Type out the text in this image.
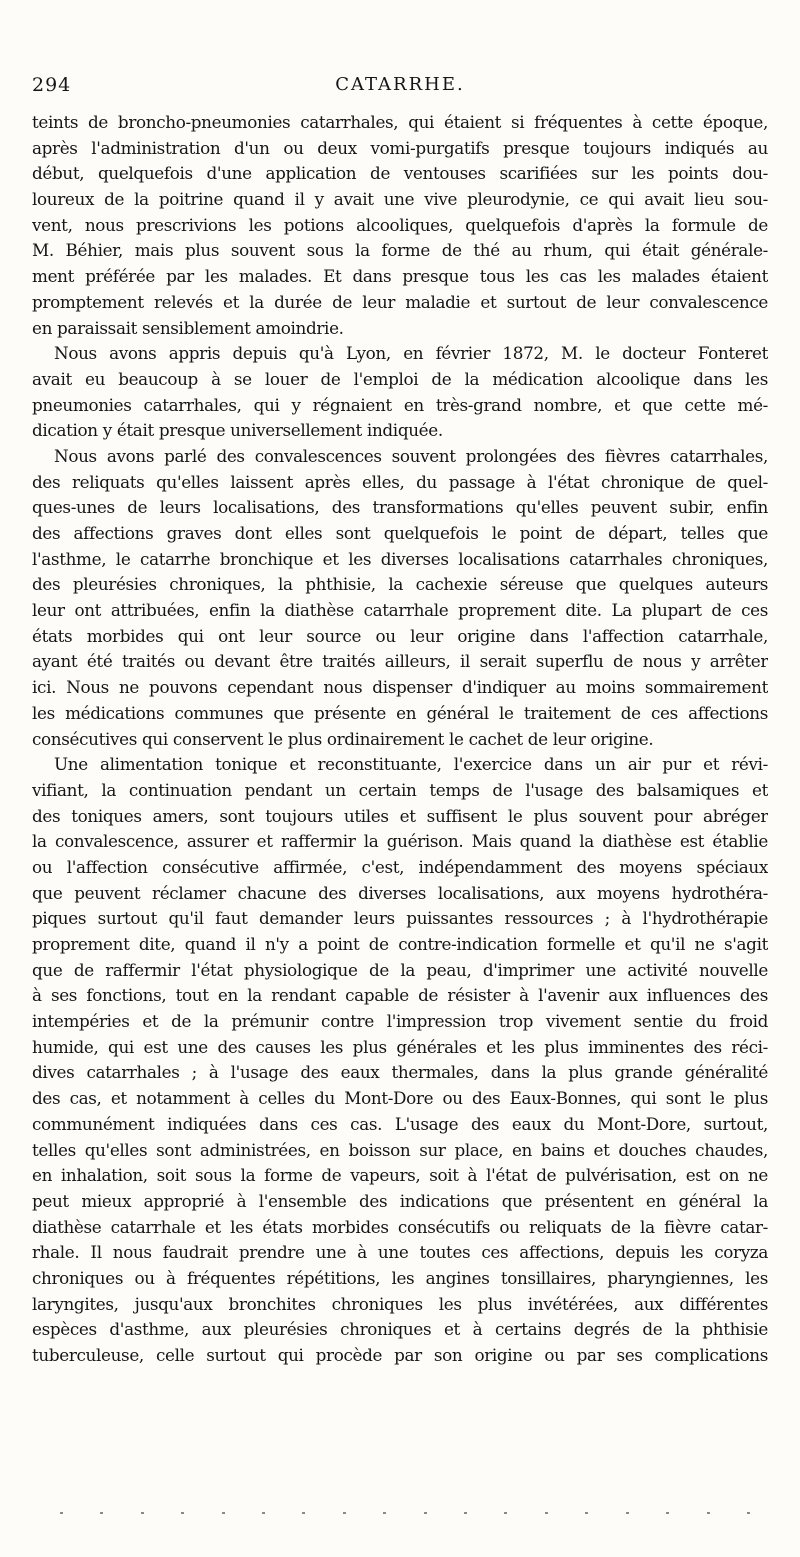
294	CATARRHE.
teints de broncho-pneumonies catarrhales, qui étaient si fréquentes à cette époque,
après l'administration d'un ou deux vomi-purgatifs presque toujours indiqués au
début, quelquefois d'une application de ventouses scarifiées sur les points dou-
loureux de la poitrine quand il y avait une vive pleurodynie, ce qui avait lieu sou-
vent, nous prescrivions les potions alcooliques, quelquefois d'après la formule de
M. Béhier, mais plus souvent sous la forme de thé au rhum, qui était générale-
ment préférée par les malades. Et dans presque tous les cas les malades étaient
promptement relevés et la durée de leur maladie et surtout de leur convalescence
en paraissait sensiblement amoindrie.
Nous avons appris depuis qu'à Lyon, en février 1872, M. le docteur Fonteret
avait eu beaucoup à se louer de l'emploi de la médication alcoolique dans les
pneumonies catarrhales, qui y régnaient en très-grand nombre, et que cette mé-
dication y était presque universellement indiquée.
Nous avons parlé des convalescences souvent prolongées des fièvres catarrhales,
des reliquats qu'elles laissent après elles, du passage à l'état chronique de quel-
ques-unes de leurs localisations, des transformations qu'elles peuvent subir, enfin
des affections graves dont elles sont quelquefois le point de départ, telles que
l'asthme, le catarrhe bronchique et les diverses localisations catarrhales chroniques,
des pleurésies chroniques, la phthisie, la cachexie séreuse que quelques auteurs
leur ont attribuées, enfin la diathèse catarrhale proprement dite. La plupart de ces
états morbides qui ont leur source ou leur origine dans l'affection catarrhale,
ayant été traités ou devant être traités ailleurs, il serait superflu de nous y arrêter
ici. Nous ne pouvons cependant nous dispenser d'indiquer au moins sommairement
les médications communes que présente en général le traitement de ces affections
consécutives qui conservent le plus ordinairement le cachet de leur origine.
Une alimentation tonique et reconstituante, l'exercice dans un air pur et révi-
vifiant, la continuation pendant un certain temps de l'usage des balsamiques et
des toniques amers, sont toujours utiles et suffisent le plus souvent pour abréger
la convalescence, assurer et raffermir la guérison. Mais quand la diathèse est établie
ou l'affection consécutive affirmée, c'est, indépendamment des moyens spéciaux
que peuvent réclamer chacune des diverses localisations, aux moyens hydrothéra-
piques surtout qu'il faut demander leurs puissantes ressources ; à l'hydrothérapie
proprement dite, quand il n'y a point de contre-indication formelle et qu'il ne s'agit
que de raffermir l'état physiologique de la peau, d'imprimer une activité nouvelle
à ses fonctions, tout en la rendant capable de résister à l'avenir aux influences des
intempéries et de la prémunir contre l'impression trop vivement sentie du froid
humide, qui est une des causes les plus générales et les plus imminentes des réci-
dives catarrhales ; à l'usage des eaux thermales, dans la plus grande généralité
des cas, et notamment à celles du Mont-Dore ou des Eaux-Bonnes, qui sont le plus
communément indiquées dans ces cas. L'usage des eaux du Mont-Dore, surtout,
telles qu'elles sont administrées, en boisson sur place, en bains et douches chaudes,
en inhalation, soit sous la forme de vapeurs, soit à l'état de pulvérisation, est on ne
peut mieux approprié à l'ensemble des indications que présentent en général la
diathèse catarrhale et les états morbides consécutifs ou reliquats de la fièvre catar-
rhale. Il nous faudrait prendre une à une toutes ces affections, depuis les coryza
chroniques ou à fréquentes répétitions, les angines tonsillaires, pharyngiennes, les
laryngites, jusqu'aux bronchites chroniques les plus invétérées, aux différentes
espèces d'asthme, aux pleurésies chroniques et à certains degrés de la phthisie
tuberculeuse, celle surtout qui procède par son origine ou par ses complications
